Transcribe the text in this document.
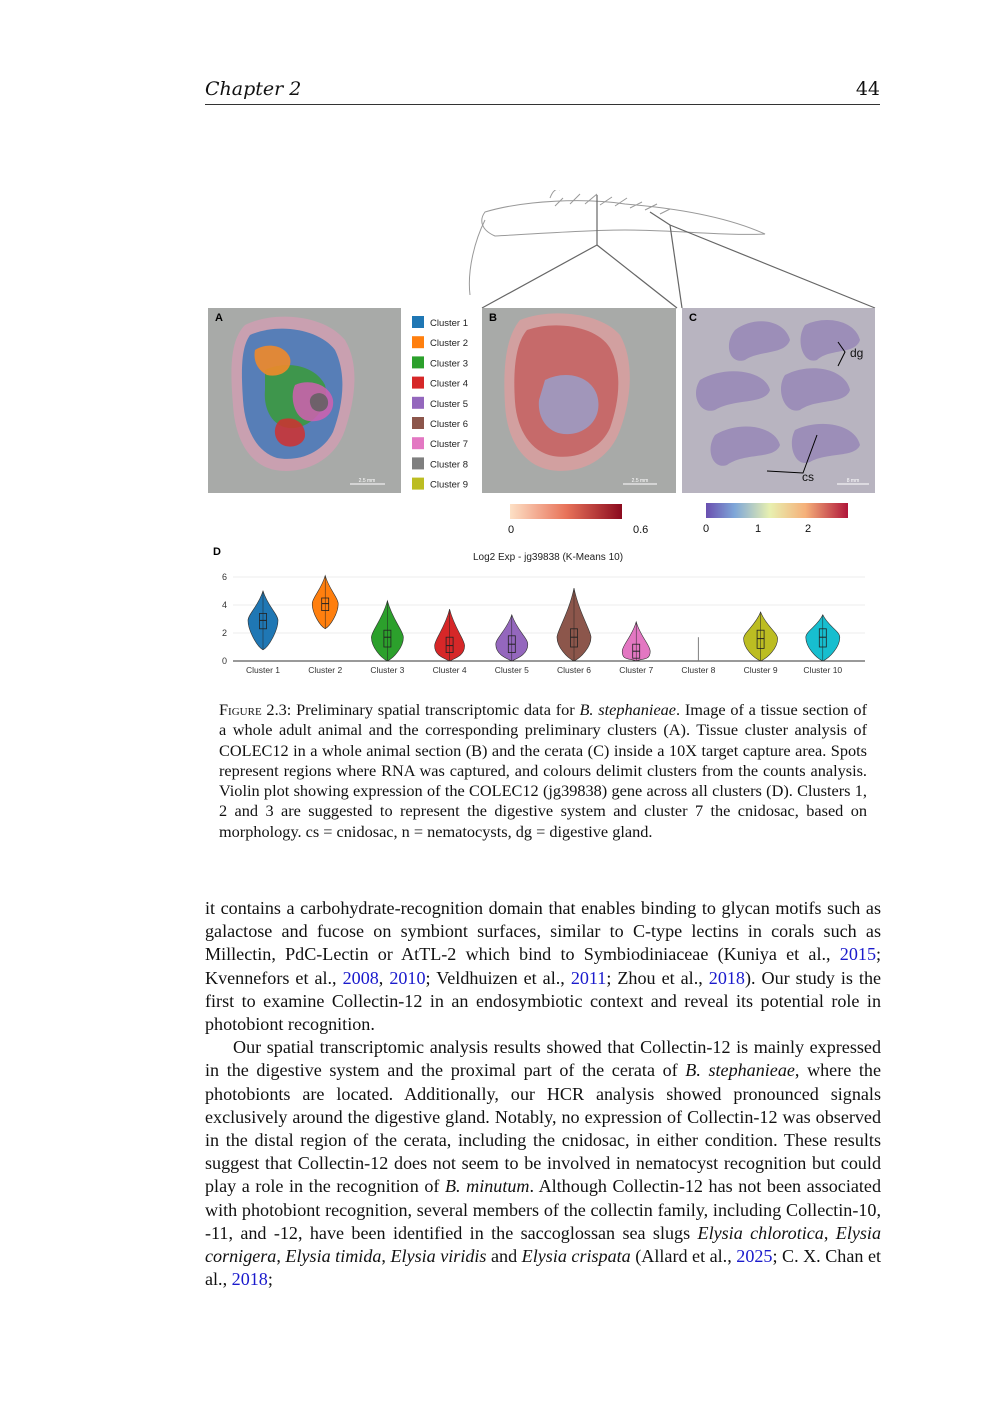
Chapter 2	44
A
2.5 mm
Cluster 1
Cluster 2
Cluster 3
Cluster 4
Cluster 5
Cluster 6
Cluster 7
Cluster 8
Cluster 9
B
2.5 mm
C
dg
cs	8 mm
0	0.6	0	1	2
D	Log2 Exp - jg39838 (K-Means 10)
0
2
4
6
Cluster 1	Cluster 2	Cluster 3	Cluster 4	Cluster 5	Cluster 6	Cluster 7	Cluster 8	Cluster 9	Cluster 10
Figure 2.3: Preliminary spatial transcriptomic data for B. stephanieae. Image of a tissue section of a whole adult animal and the corresponding preliminary clusters (A). Tissue cluster analysis of COLEC12 in a whole animal section (B) and the cerata (C) inside a 10X target capture area. Spots represent regions where RNA was captured, and colours delimit clusters from the counts analysis. Violin plot showing expression of the COLEC12 (jg39838) gene across all clusters (D). Clusters 1, 2 and 3 are suggested to represent the digestive system and cluster 7 the cnidosac, based on morphology. cs = cnidosac, n = nematocysts, dg = digestive gland.

it contains a carbohydrate-recognition domain that enables binding to glycan motifs such as galactose and fucose on symbiont surfaces, similar to C-type lectins in corals such as Millectin, PdC-Lectin or AtTL-2 which bind to Symbiodiniaceae (Kuniya et al., 2015; Kvennefors et al., 2008, 2010; Veldhuizen et al., 2011; Zhou et al., 2018). Our study is the first to examine Collectin-12 in an endosymbiotic context and reveal its potential role in photobiont recognition.

Our spatial transcriptomic analysis results showed that Collectin-12 is mainly expressed in the digestive system and the proximal part of the cerata of B. stephanieae, where the photobionts are located. Additionally, our HCR analysis showed pronounced signals exclusively around the digestive gland. Notably, no expression of Collectin-12 was observed in the distal region of the cerata, including the cnidosac, in either condition. These results suggest that Collectin-12 does not seem to be involved in nematocyst recognition but could play a role in the recognition of B. minutum. Although Collectin-12 has not been associated with photobiont recognition, several members of the collectin family, including Collectin-10, -11, and -12, have been identified in the saccoglossan sea slugs Elysia chlorotica, Elysia cornigera, Elysia timida, Elysia viridis and Elysia crispata (Allard et al., 2025; C. X. Chan et al., 2018;
